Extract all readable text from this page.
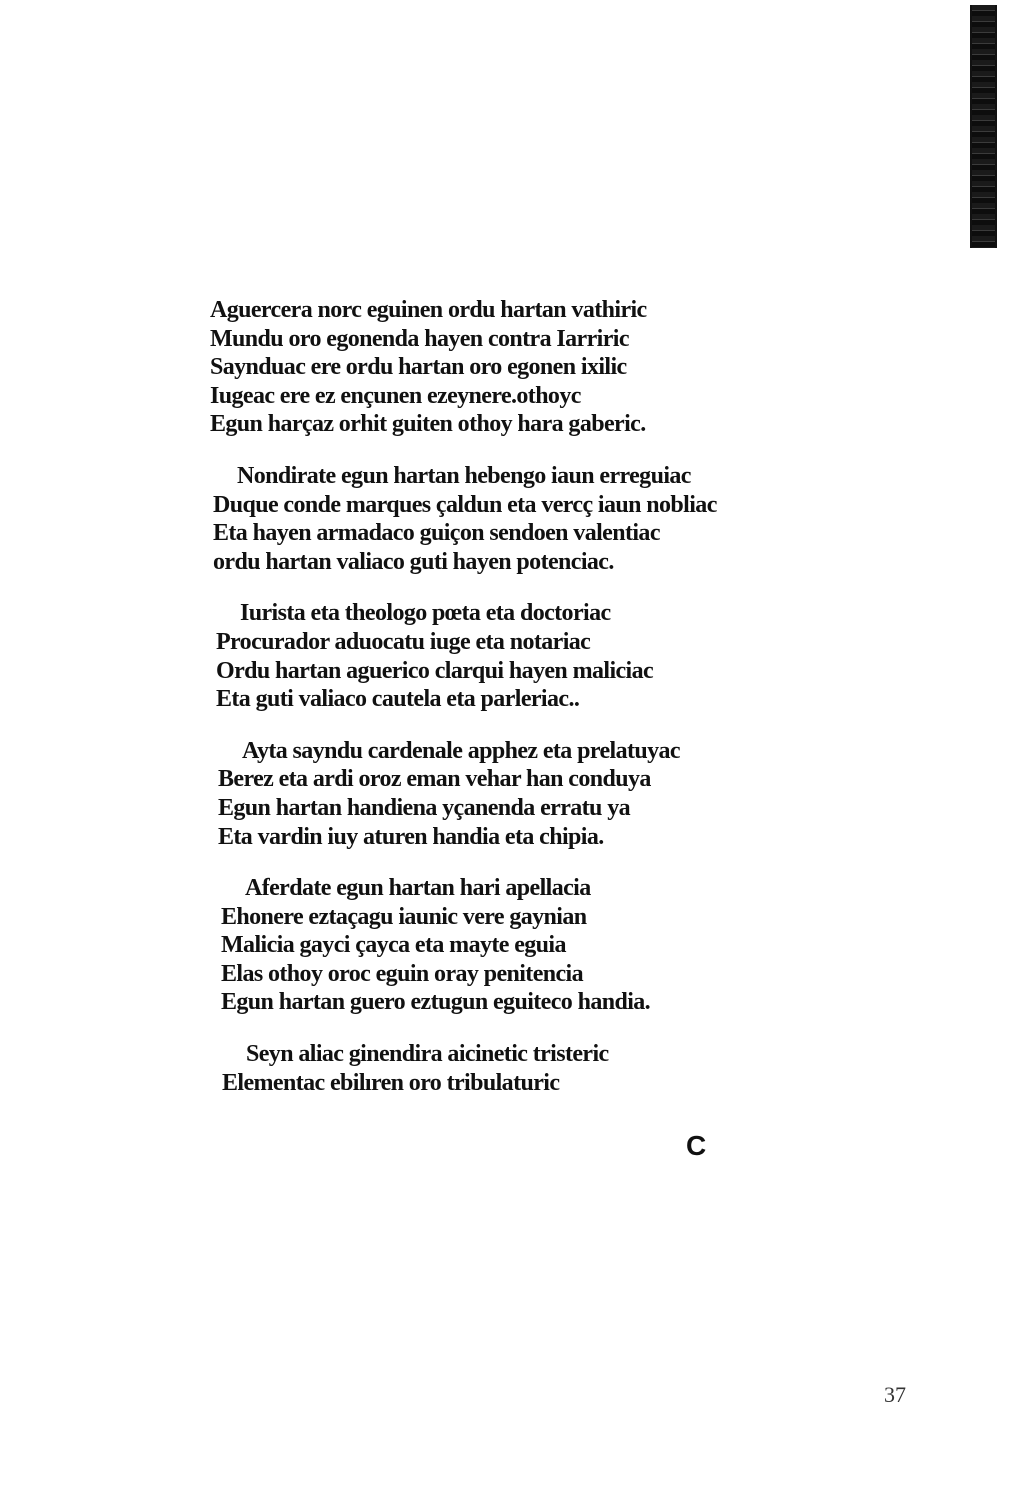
Aguercera norc eguinen ordu hartan vathiric
Mundu oro egonenda hayen contra Iarriric
Saynduac ere ordu hartan oro egonen ixilic
Iugeac ere ez ençunen ezeynere.othoyc
Egun harçaz orhit guiten othoy hara gaberic.
Nondirate egun hartan hebengo iaun erreguiac
Duque conde marques çaldun eta vercç iaun nobliac
Eta hayen armadaco guiçon sendoen valentiac
ordu hartan valiaco guti hayen potenciac.
Iurista eta theologo pœta eta doctoriac
Procurador aduocatu iuge eta notariac
Ordu hartan aguerico clarqui hayen maliciac
Eta guti valiaco cautela eta parleriac..
Ayta sayndu cardenale apphez eta prelatuyac
Berez eta ardi oroz eman vehar han conduya
Egun hartan handiena yçanenda erratu ya
Eta vardin iuy aturen handia eta chipia.
Aferdate egun hartan hari apellacia
Ehonere eztaçagu iaunic vere gaynian
Malicia gayci çayca eta mayte eguia
Elas othoy oroc eguin oray penitencia
Egun hartan guero eztugun eguiteco handia.
Seyn aliac ginendira aicinetic tristeric
Elementac ebilıren oro tribulaturic
C
37
